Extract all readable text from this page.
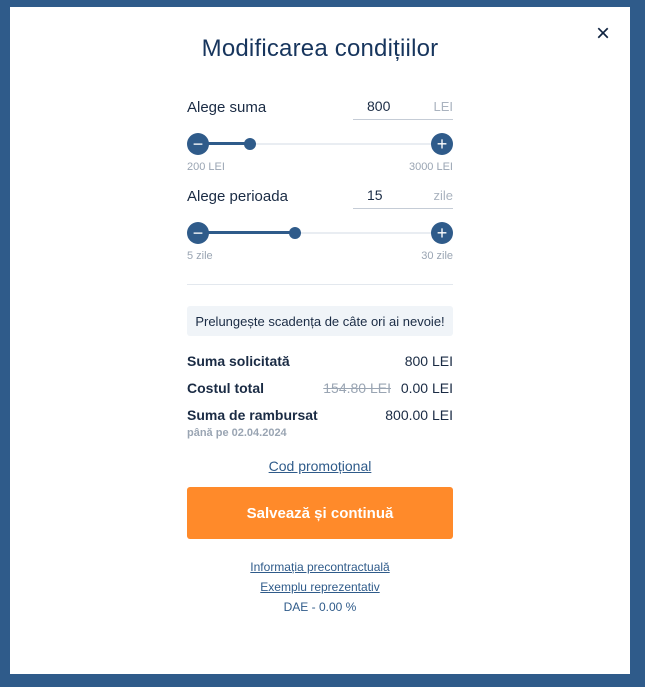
×
Modificarea condițiilor
Alege suma	800	LEI
−	+
200 LEI	3000 LEI
Alege perioada	15	zile
−	+
5 zile	30 zile
Prelungește scadența de câte ori ai nevoie!
Suma solicitată	800 LEI
Costul total	154.80 LEI 0.00 LEI
Suma de rambursat	800.00 LEI
până pe 02.04.2024
Cod promoțional
Salvează și continuă
Informația precontractuală
Exemplu reprezentativ
DAE - 0.00 %
